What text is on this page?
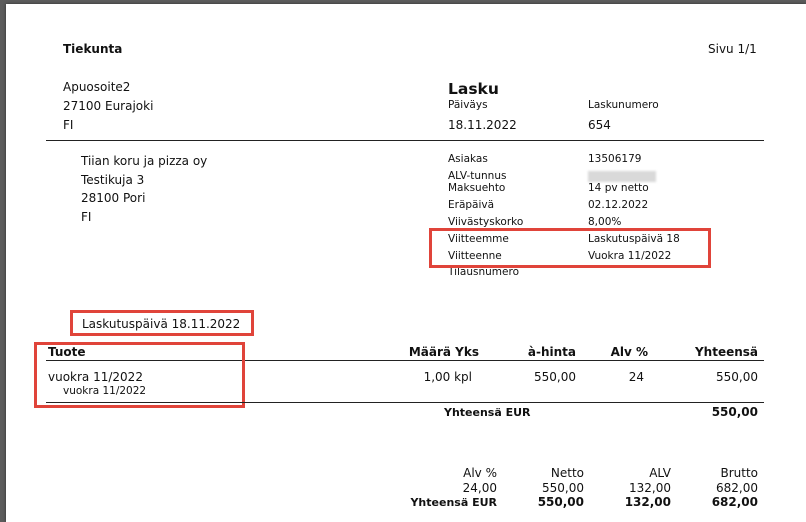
Tiekunta	Sivu 1/1
Apuosoite2
27100 Eurajoki
FI
Lasku
Päiväys	Laskunumero
18.11.2022	654
Tiian koru ja pizza oy
Testikuja 3
28100 Pori
FI
Asiakas	13506179
ALV-tunnus
Maksuehto	14 pv netto
Eräpäivä	02.12.2022
Viivästyskorko	8,00%
Viitteemme	Laskutuspäivä 18
Viitteenne	Vuokra 11/2022
Tilausnumero
Laskutuspäivä 18.11.2022
Tuote	Määrä Yks	à-hinta	Alv %	Yhteensä
vuokra 11/2022
vuokra 11/2022
1,00 kpl	550,00	24	550,00
Yhteensä EUR	550,00
Alv %	Netto	ALV	Brutto
24,00	550,00	132,00	682,00
Yhteensä EUR	550,00	132,00	682,00
